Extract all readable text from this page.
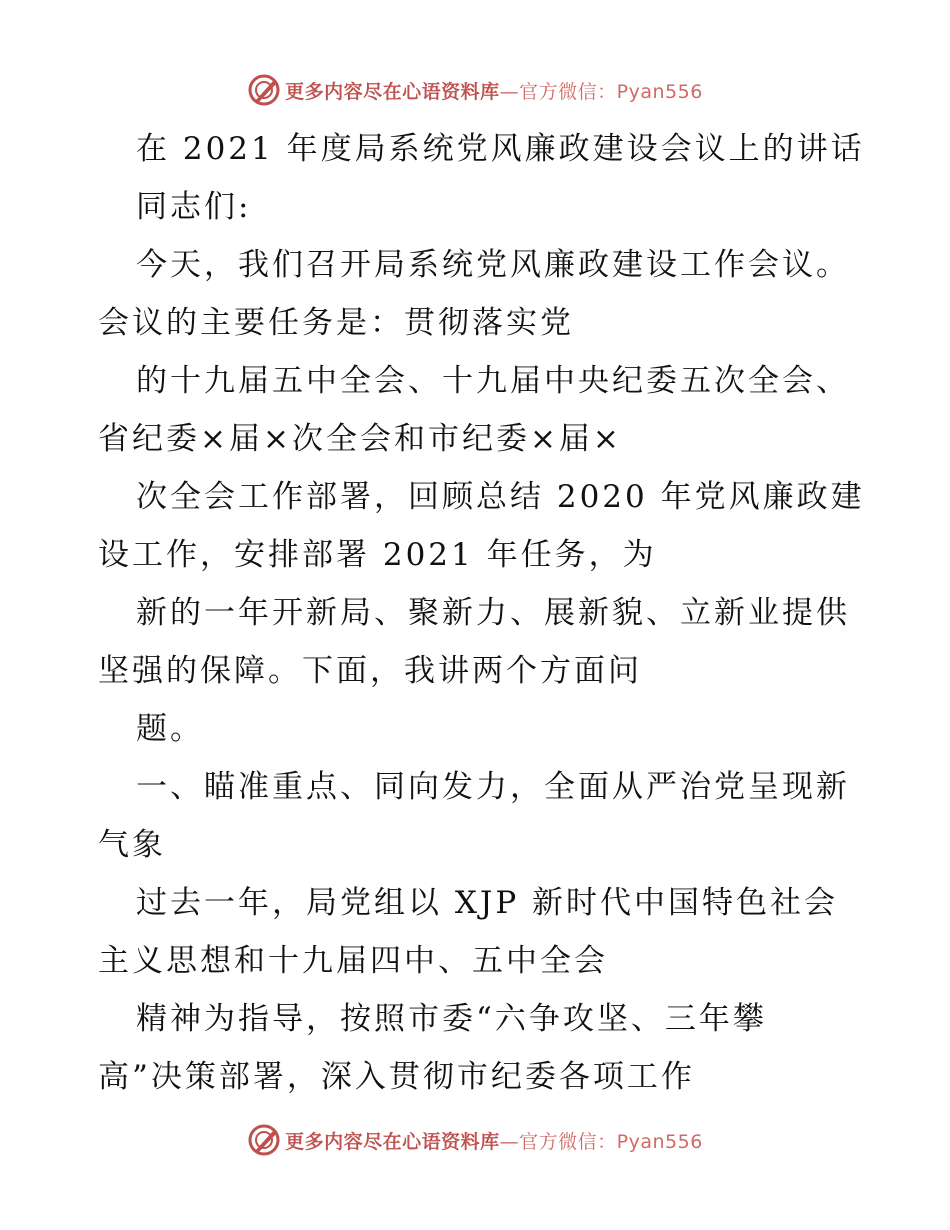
更多内容尽在心语资料库—官方微信：Pyan556
在 2021 年度局系统党风廉政建设会议上的讲话
同志们:
今天，我们召开局系统党风廉政建设工作会议。
会议的主要任务是：贯彻落实党
的十九届五中全会、十九届中央纪委五次全会、
省纪委×届×次全会和市纪委×届×
次全会工作部署，回顾总结 2020 年党风廉政建
设工作，安排部署 2021 年任务，为
新的一年开新局、聚新力、展新貌、立新业提供
坚强的保障。下面，我讲两个方面问
题。
一、瞄准重点、同向发力，全面从严治党呈现新
气象
过去一年，局党组以 XJP 新时代中国特色社会
主义思想和十九届四中、五中全会
精神为指导，按照市委“六争攻坚、三年攀
高”决策部署，深入贯彻市纪委各项工作
更多内容尽在心语资料库—官方微信：Pyan556
